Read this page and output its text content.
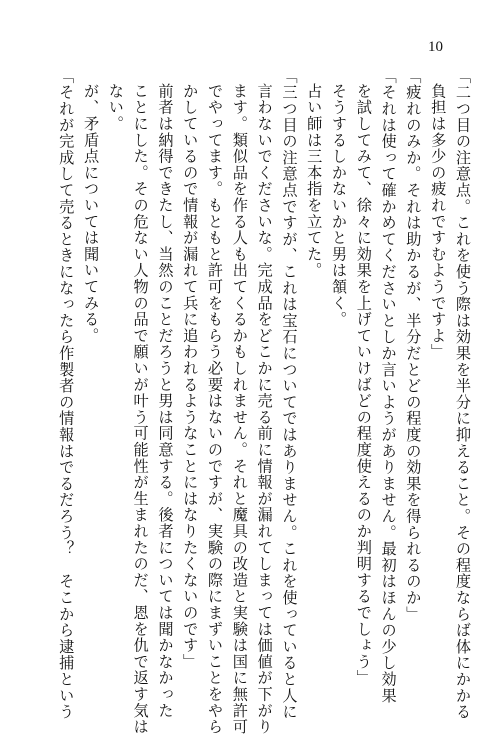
10
「二つ目の注意点。これを使う際は効果を半分に抑えること。その程度ならば体にかかる
負担は多少の疲れですむようですよ」
「疲れのみか。それは助かるが、半分だとどの程度の効果を得られるのか」
「それは使って確かめてくださいとしか言いようがありません。最初はほんの少し効果
を試してみて、徐々に効果を上げていけばどの程度使えるのか判明するでしょう」
そうするしかないかと男は頷く。
占い師は三本指を立てた。
「三つ目の注意点ですが、これは宝石についてではありません。これを使っていると人に
言わないでくださいな。完成品をどこかに売る前に情報が漏れてしまっては価値が下がり
ます。類似品を作る人も出てくるかもしれません。それと魔具の改造と実験は国に無許可
でやってます。もともと許可をもらう必要はないのですが、実験の際にまずいことをやら
かしているので情報が漏れて兵に追われるようなことにはなりたくないのです」
前者は納得できたし、当然のことだろうと男は同意する。後者については聞かなかった
ことにした。その危ない人物の品で願いが叶う可能性が生まれたのだ、恩を仇で返す気は
ない。
が、矛盾点については聞いてみる。
「それが完成して売るときになったら作製者の情報はでるだろう？　そこから逮捕という
